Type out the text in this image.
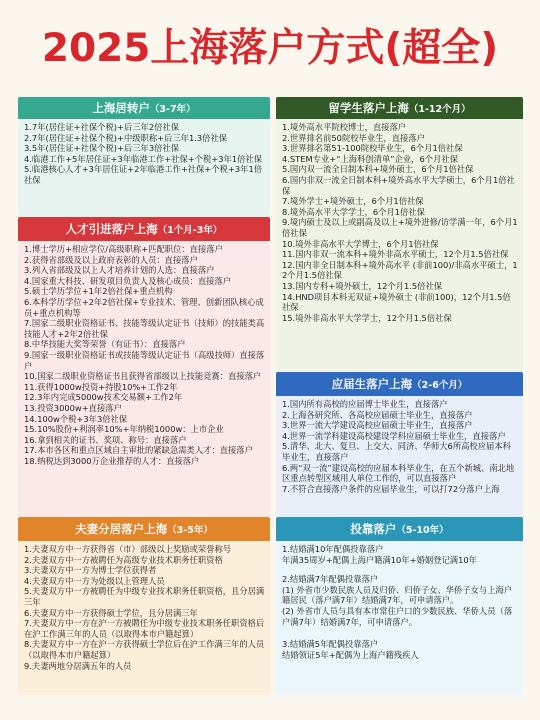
2025上海落户方式(超全)
上海居转户（3-7年）

1.7年(居住证+社保个税)+后三年2倍社保

2.7年(居住证+社保个税)+中级职称+后三年1.3倍社保

3.5年(居住证+社保个税)+后三年3倍社保

4.临港工作+5年居住证+3年临港工作+社保+个税+3年1倍社保

5.临港核心人才+3年居住证+2年临港工作+社保+个税+3年1倍社保

人才引进落户上海（1个月-3年）

1.博士学历+相应学位/高级职称+匹配职位：直接落户

2.获得省部级及以上政府表彰的人员：直接落户

3.列入省部级及以上人才培养计划的人选：直接落户

4.国家重大科技、研发项目负责人及核心成员：直接落户

5.硕士学历学位+1年2倍社保+重点机构

6.本科学历学位+2年2倍社保+专业技术、管理、创新团队核心成员+重点机构等

7.国家二级职业资格证书、技能等级认定证书（技师）的技能类高技能人才+2年2倍社保

8.中华技能大奖等荣誉（有证书）：直接落户

9.国家一级职业资格证书或技能等级认定证书（高级技师）直接落户

10.国家二级职业资格证书且获得省部级以上技能竞赛：直接落户

11.获得1000w投资+持股10%+工作2年

12.3年内完成5000w技术交易额+工作2年

13.投资3000w+直接落户

14.100w个税+3年3倍社保

15.10%股份+利润率10%+年纳税1000w：上市企业

16.拿到相关的证书、奖项、称号：直接落户

17.本市各区和重点区域自主审批的紧缺急需类人才：直接落户

18.纳税达到3000万企业推荐的人才：直接落户

夫妻分居落户上海（3-5年）

1.夫妻双方中一方获得省（市）部级以上奖励或荣誉称号

2.夫妻双方中一方被聘任为高级专业技术职务任职资格

3.夫妻双方中一方为博士学位获得者

4.夫妻双方中一方为处级以上管理人员

5.夫妻双方中一方被聘任为中级专业技术职务任职资格，且分居满三年

6.夫妻双方中一方获得硕士学位，且分居满三年

7.夫妻双方中一方在沪一方被聘任为中级专业技术职务任职资格后在沪工作满三年的人员（以取得本市户籍起算）

8.夫妻双方中一方在沪一方获得硕士学位后在沪工作满三年的人员（以取得本市户籍起算）

9.夫妻两地分居满五年的人员

留学生落户上海（1-12个月）

1.境外高水平院校博士，直接落户

2.世界排名前50院校毕业生，直接落户

3.世界排名第51-100院校毕业生，6个月1倍社保

4.STEM专业+“上海科创清单”企业，6个月社保

5.国内双一流全日制本科+境外硕士，6个月1倍社保

6.国内非双一流全日制本科+境外高水平大学硕士，6个月1倍社保

7.境外学士+境外硕士，6个月1倍社保

8.境外高水平大学学士，6个月1倍社保

9.境内硕士及以上或副高及以上+境外进修/访学满一年，6个月1倍社保

10.境外非高水平大学博士，6个月1倍社保

11.国内非双一流本科+境外非高水平硕士，12个月1.5倍社保

12.国内非全日制本科+境外高水平 (非前100)/非高水平硕士，12个月1.5倍社保

13.国内专科+境外硕士，12个月1.5倍社保

14.HND项目本科无双证+境外硕士 (非前100)，12个月1.5倍社保

15.境外非高水平大学学士，12个月1.5倍社保

应届生落户上海（2-6个月）

1.国内所有高校的应届博士毕业生，直接落户

2.上海各研究所、各高校应届硕士毕业生，直接落户

3.世界一流大学建设高校应届硕士毕业生，直接落户

4.世界一流学科建设高校建设学科应届硕士毕业生，直接落户

5.清华、北大、复旦、上交大、同济、华师大6所高校应届本科毕业生，直接落户

6.两“双一流”建设高校的应届本科毕业生，在五个新城、南北地区重点转型区域用人单位工作的，可以直接落户

7.不符合直接落户条件的应届毕业生，可以打72分落户上海

投靠落户（5-10年）

1.结婚满10年配偶投靠落户

年满35周岁+配偶上海户籍满10年+婚姻登记满10年

2.结婚满7年配偶投靠落户

(1) 外省市少数民族人员及归侨、归侨子女、华侨子女与上海户籍居民（落户满7年）结婚满7年，可申请落户。

(2) 外省市人员与具有本市常住户口的少数民族、华侨人员（落户满7年）结婚满7年，可申请落户。

3.结婚满5年配偶投靠落户

结婚领证5年+配偶为上海户籍残疾人
